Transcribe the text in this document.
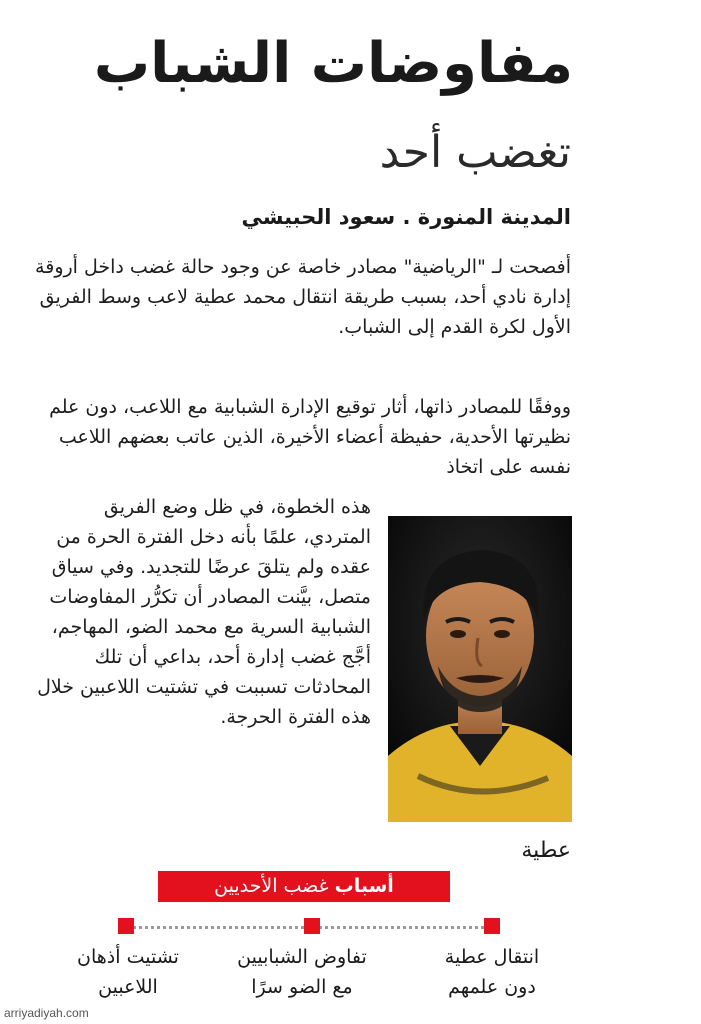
مفاوضات الشباب
تغضب أحد
المدينة المنورة . سعود الحبيشي

أفصحت لـ "الرياضية" مصادر خاصة عن وجود حالة غضب داخل أروقة إدارة نادي أحد، بسبب طريقة انتقال محمد عطية لاعب وسط الفريق الأول لكرة القدم إلى الشباب.

ووفقًا للمصادر ذاتها، أثار توقيع الإدارة الشبابية مع اللاعب، دون علم نظيرتها الأحدية، حفيظة أعضاء الأخيرة، الذين عاتب بعضهم اللاعب نفسه على اتخاذ

هذه الخطوة، في ظل وضع الفريق المتردي، علمًا بأنه دخل الفترة الحرة من عقده ولم يتلقَ عرضًا للتجديد. وفي سياق متصل، بيَّنت المصادر أن تكرُّر المفاوضات الشبابية السرية مع محمد الضو، المهاجم، أجَّج غضب إدارة أحد، بداعي أن تلك المحادثات تسببت في تشتيت اللاعبين خلال هذه الفترة الحرجة.

عطية
أسباب غضب الأحديين
انتقال عطية
دون علمهم
تفاوض الشبابيين
مع الضو سرًا
تشتيت أذهان
اللاعبين
arriyadiyah.com
